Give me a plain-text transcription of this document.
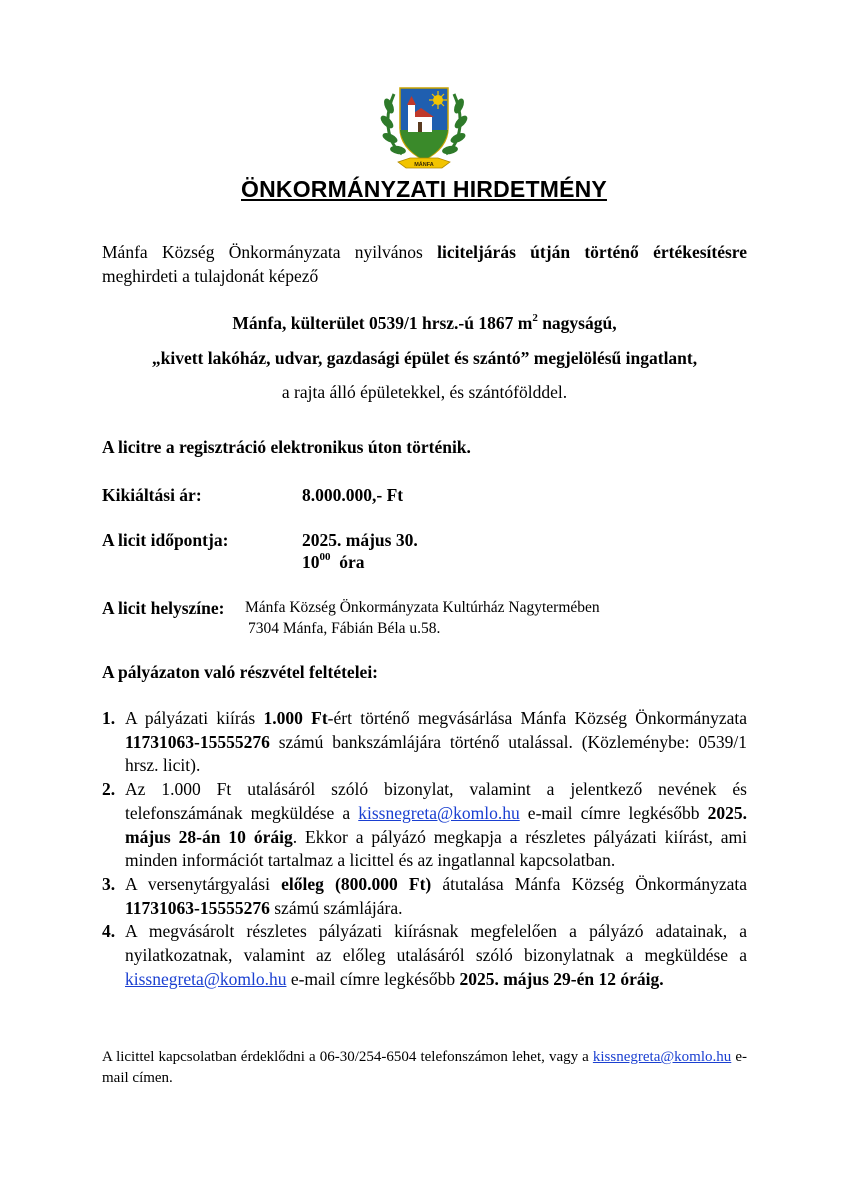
MÁNFA
ÖNKORMÁNYZATI HIRDETMÉNY
Mánfa Község Önkormányzata nyilvános liciteljárás útján történő értékesítésre meghirdeti a tulajdonát képező
Mánfa, külterület 0539/1 hrsz.-ú 1867 $m^2$ nagyságú,
„kivett lakóház, udvar, gazdasági épület és szántó” megjelölésű ingatlant,
a rajta álló épületekkel, és szántófölddel.
A licitre a regisztráció elektronikus úton történik.
Kikiáltási ár:	8.000.000,- Ft
A licit időpontja:	2025. május 30.
$10^{00}$ óra
A licit helyszíne: Mánfa Község Önkormányzata Kultúrház Nagytermében
7304 Mánfa, Fábián Béla u.58.
A pályázaton való részvétel feltételei:
1. A pályázati kiírás 1.000 Ft-ért történő megvásárlása Mánfa Község Önkormányzata 11731063-15555276 számú bankszámlájára történő utalással. (Közleménybe: 0539/1 hrsz. licit).
2. Az 1.000 Ft utalásáról szóló bizonylat, valamint a jelentkező nevének és telefonszámának megküldése a kissnegreta@komlo.hu e-mail címre legkésőbb 2025. május 28-án 10 óráig. Ekkor a pályázó megkapja a részletes pályázati kiírást, ami minden információt tartalmaz a licittel és az ingatlannal kapcsolatban.
3. A versenytárgyalási előleg (800.000 Ft) átutalása Mánfa Község Önkormányzata 11731063-15555276 számú számlájára.
4. A megvásárolt részletes pályázati kiírásnak megfelelően a pályázó adatainak, a nyilatkozatnak, valamint az előleg utalásáról szóló bizonylatnak a megküldése a kissnegreta@komlo.hu e-mail címre legkésőbb 2025. május 29-én 12 óráig.
A licittel kapcsolatban érdeklődni a 06-30/254-6504 telefonszámon lehet, vagy a kissnegreta@komlo.hu e-mail címen.
